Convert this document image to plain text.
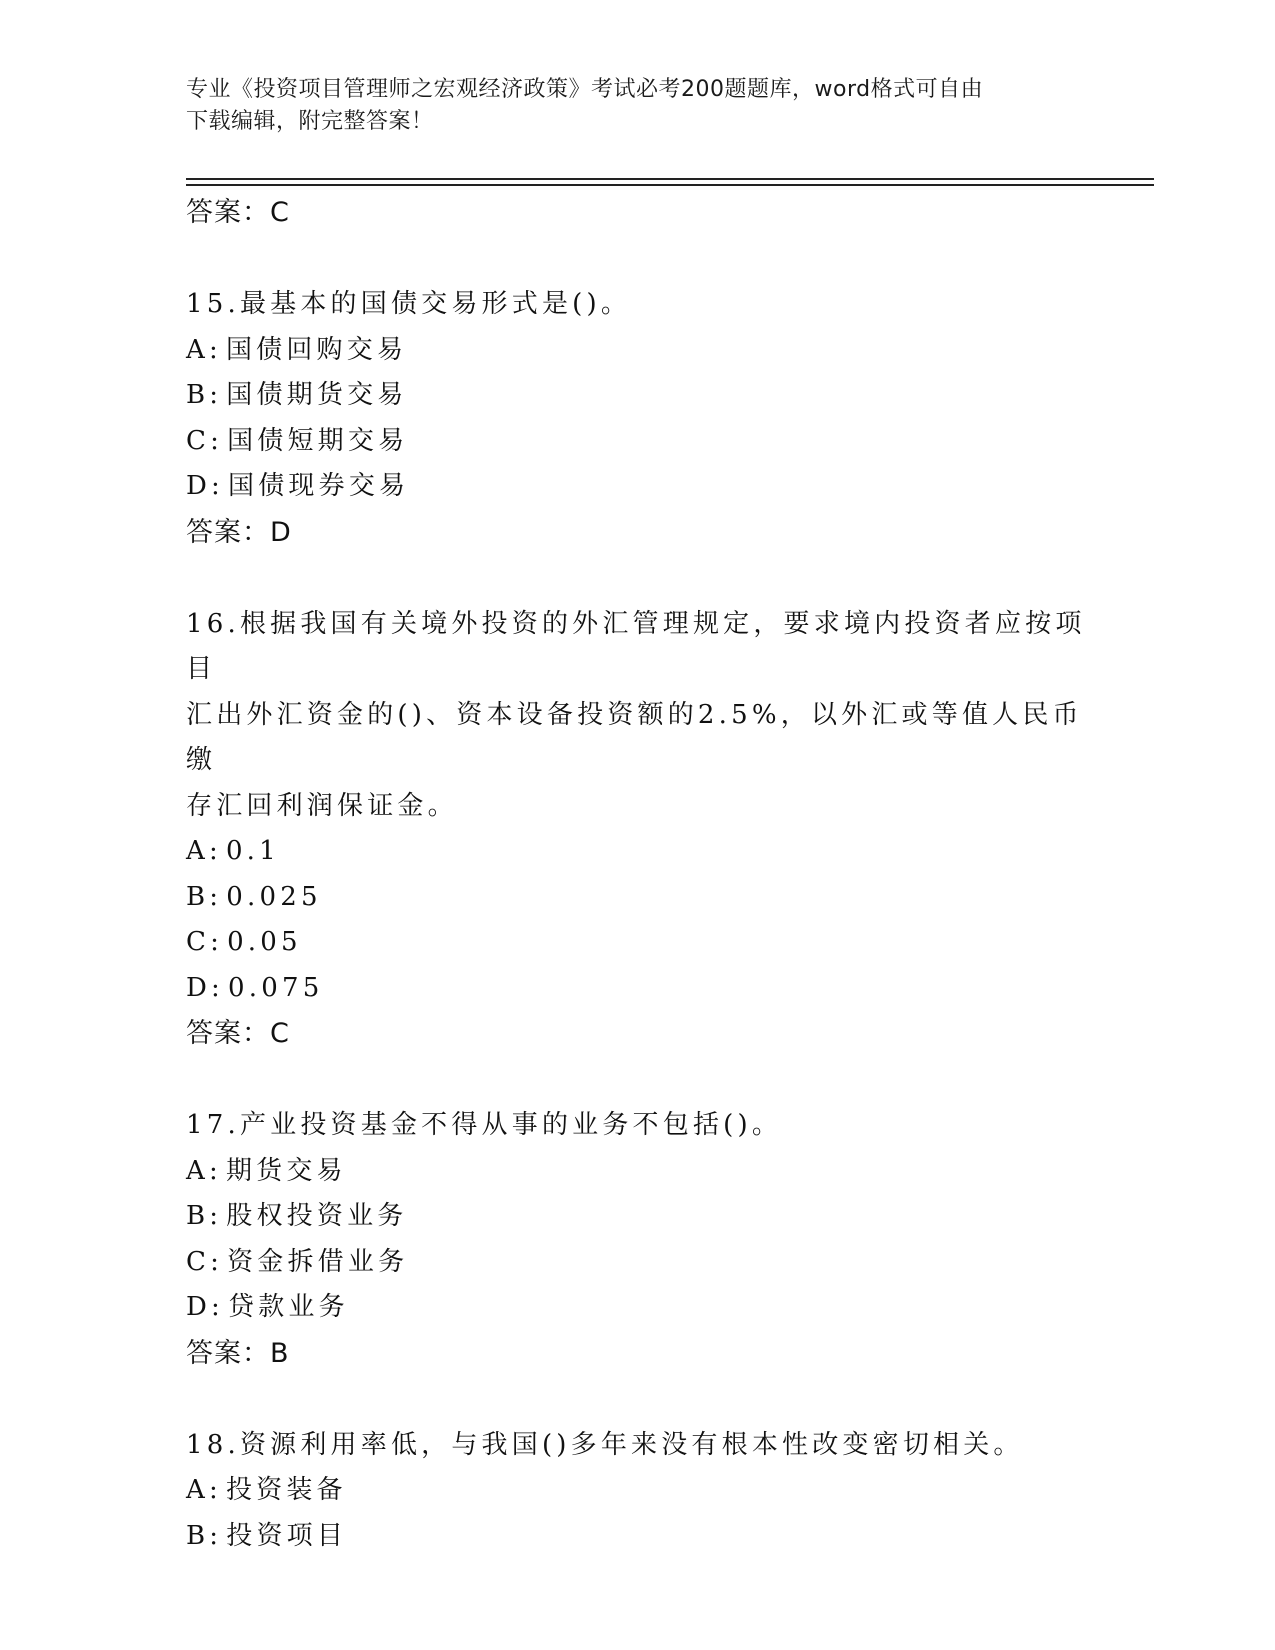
专业《投资项目管理师之宏观经济政策》考试必考200题题库，word格式可自由
下载编辑，附完整答案！
答案：C
15.最基本的国债交易形式是()。
A: 国债回购交易
B: 国债期货交易
C: 国债短期交易
D: 国债现券交易
答案：D
16.根据我国有关境外投资的外汇管理规定，要求境内投资者应按项目
汇出外汇资金的()、资本设备投资额的2.5%，以外汇或等值人民币缴
存汇回利润保证金。
A: 0.1
B: 0.025
C: 0.05
D: 0.075
答案：C
17.产业投资基金不得从事的业务不包括()。
A: 期货交易
B: 股权投资业务
C: 资金拆借业务
D: 贷款业务
答案：B
18.资源利用率低，与我国()多年来没有根本性改变密切相关。
A: 投资装备
B: 投资项目
